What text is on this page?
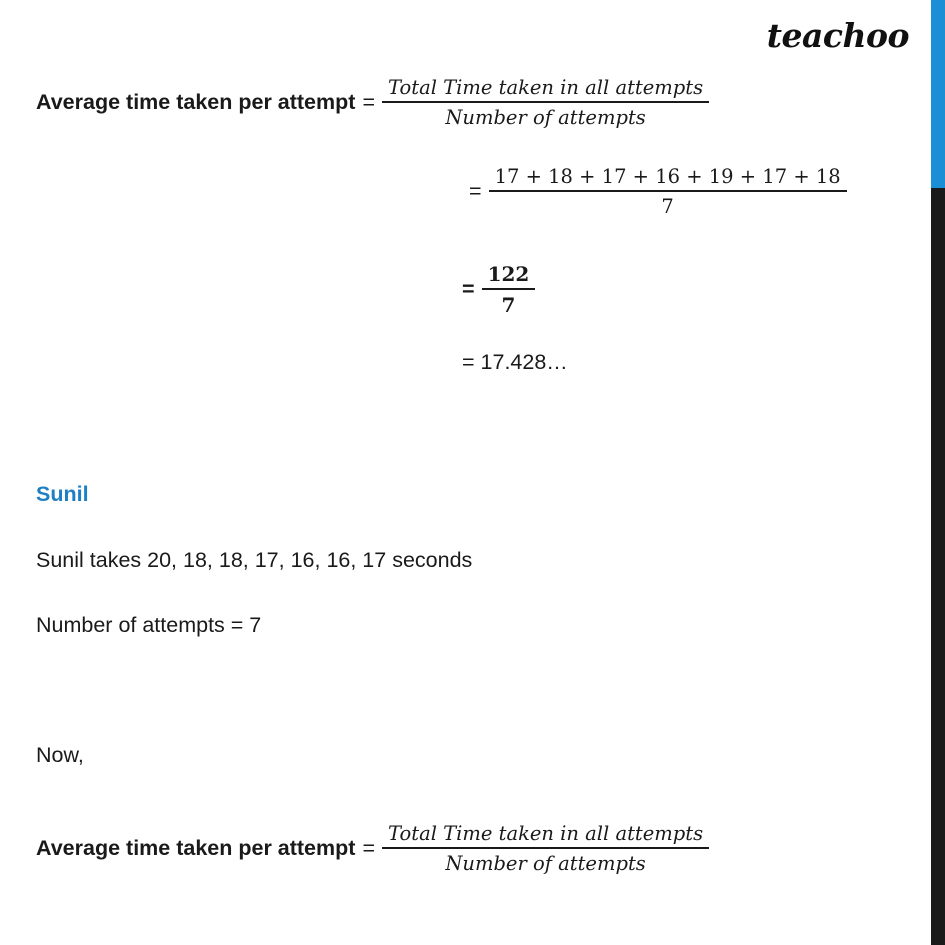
teachoo
Average time taken per attempt = $\frac{\text{Total Time taken in all attempts}}{\text{Number of attempts}}$
= $\frac{17 + 18 + 17 + 16 + 19 + 17 + 18}{7}$
= $\frac{122}{7}$
= 17.428…
Sunil
Sunil takes 20, 18, 18, 17, 16, 16, 17 seconds
Number of attempts = 7
Now,
Average time taken per attempt = $\frac{\text{Total Time taken in all attempts}}{\text{Number of attempts}}$
